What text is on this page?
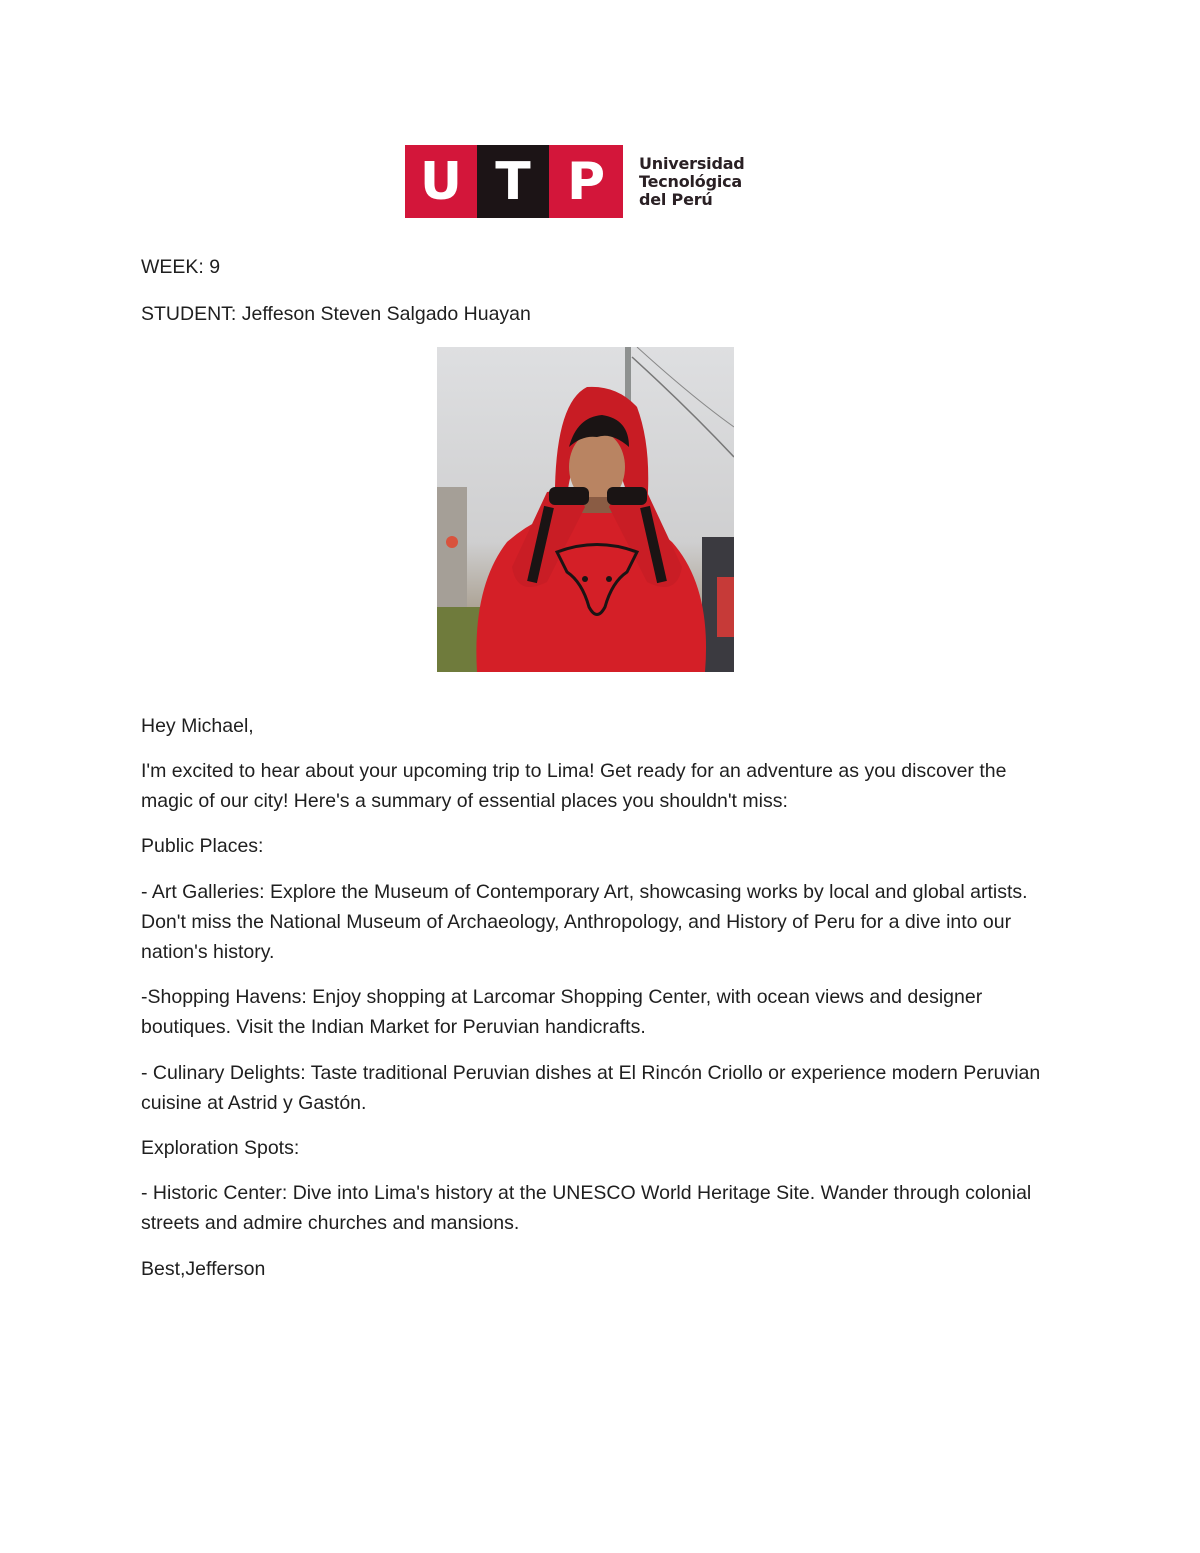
U T P	Universidad
Tecnológica
del Perú

WEEK: 9

STUDENT: Jeffeson Steven Salgado Huayan

Hey Michael,

I'm excited to hear about your upcoming trip to Lima! Get ready for an adventure as you discover the magic of our city! Here's a summary of essential places you shouldn't miss:

Public Places:

- Art Galleries: Explore the Museum of Contemporary Art, showcasing works by local and global artists. Don't miss the National Museum of Archaeology, Anthropology, and History of Peru for a dive into our nation's history.

-Shopping Havens: Enjoy shopping at Larcomar Shopping Center, with ocean views and designer boutiques. Visit the Indian Market for Peruvian handicrafts.

- Culinary Delights: Taste traditional Peruvian dishes at El Rincón Criollo or experience modern Peruvian cuisine at Astrid y Gastón.

Exploration Spots:

- Historic Center: Dive into Lima's history at the UNESCO World Heritage Site. Wander through colonial streets and admire churches and mansions.

Best,Jefferson
